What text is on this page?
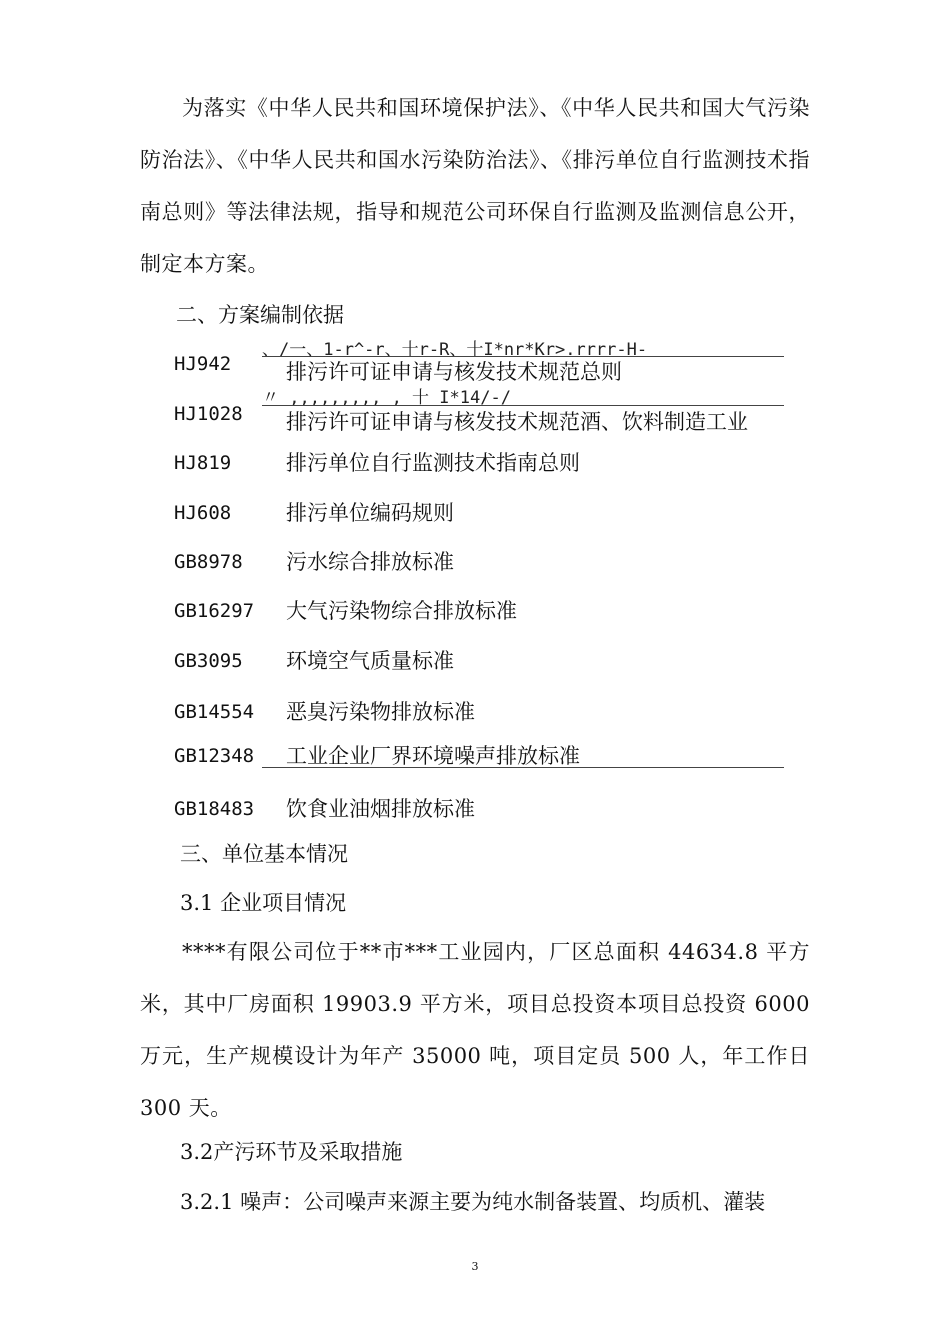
为落实《中华人民共和国环境保护法》、《中华人民共和国大气污染防治法》、《中华人民共和国水污染防治法》、《排污单位自行监测技术指南总则》等法律法规，指导和规范公司环保自行监测及监测信息公开，制定本方案。

二、方案编制依据
、/一、1-r^-r、十r-R、十I*nr*Kr>.rrrr-H-
HJ942	排污许可证申请与核发技术规范总则
〃 ,,,,,,,,, , 十 I*14/-/
HJ1028 排污许可证申请与核发技术规范酒、饮料制造工业
HJ819	排污单位自行监测技术指南总则
HJ608	排污单位编码规则
GB8978 污水综合排放标准
GB16297 大气污染物综合排放标准
GB3095 环境空气质量标准
GB14554 恶臭污染物排放标准
GB12348 工业企业厂界环境噪声排放标准
GB18483 饮食业油烟排放标准
三、单位基本情况
3.1 企业项目情况

****有限公司位于**市***工业园内，厂区总面积 44634.8 平方米，其中厂房面积 19903.9 平方米，项目总投资本项目总投资 6000 万元，生产规模设计为年产 35000 吨，项目定员 500 人，年工作日 300 天。

3.2产污环节及采取措施
3.2.1 噪声：公司噪声来源主要为纯水制备装置、均质机、灌装
3
